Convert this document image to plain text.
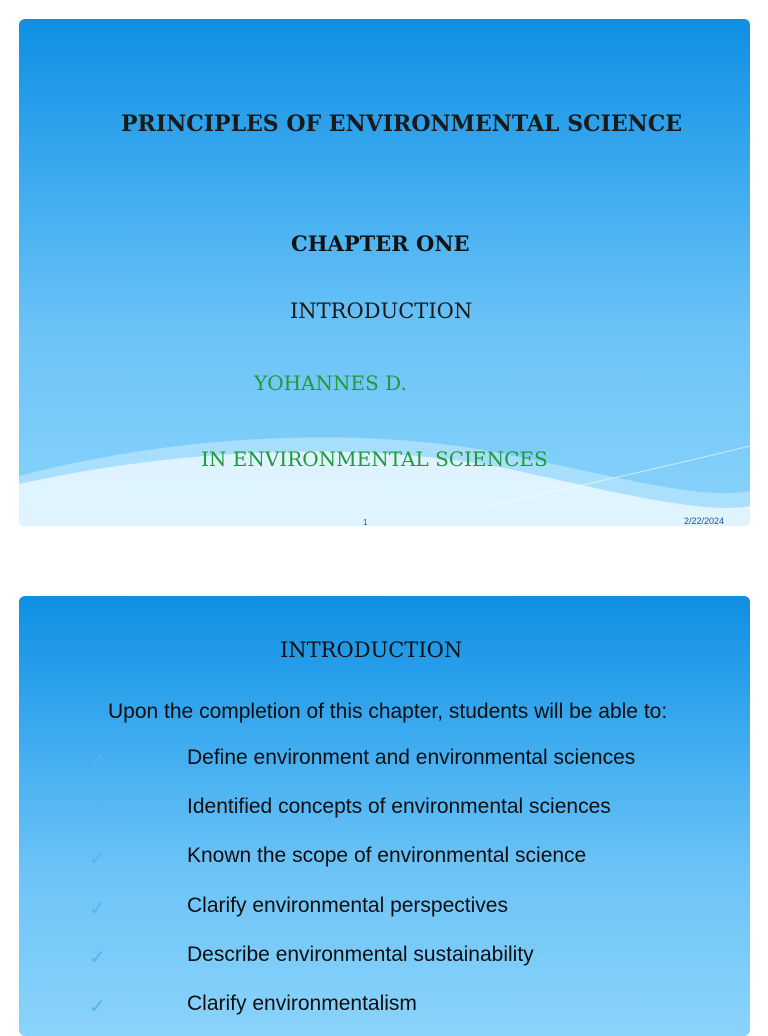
PRINCIPLES OF ENVIRONMENTAL SCIENCE

CHAPTER ONE

INTRODUCTION

YOHANNES D.

IN ENVIRONMENTAL SCIENCES

1	2/22/2024

INTRODUCTION

Upon the completion of this chapter, students will be able to:

✓	Define environment and environmental sciences
✓	Identified concepts of environmental sciences
✓	Known the scope of environmental science
✓	Clarify environmental perspectives
✓	Describe environmental sustainability
✓	Clarify environmentalism
